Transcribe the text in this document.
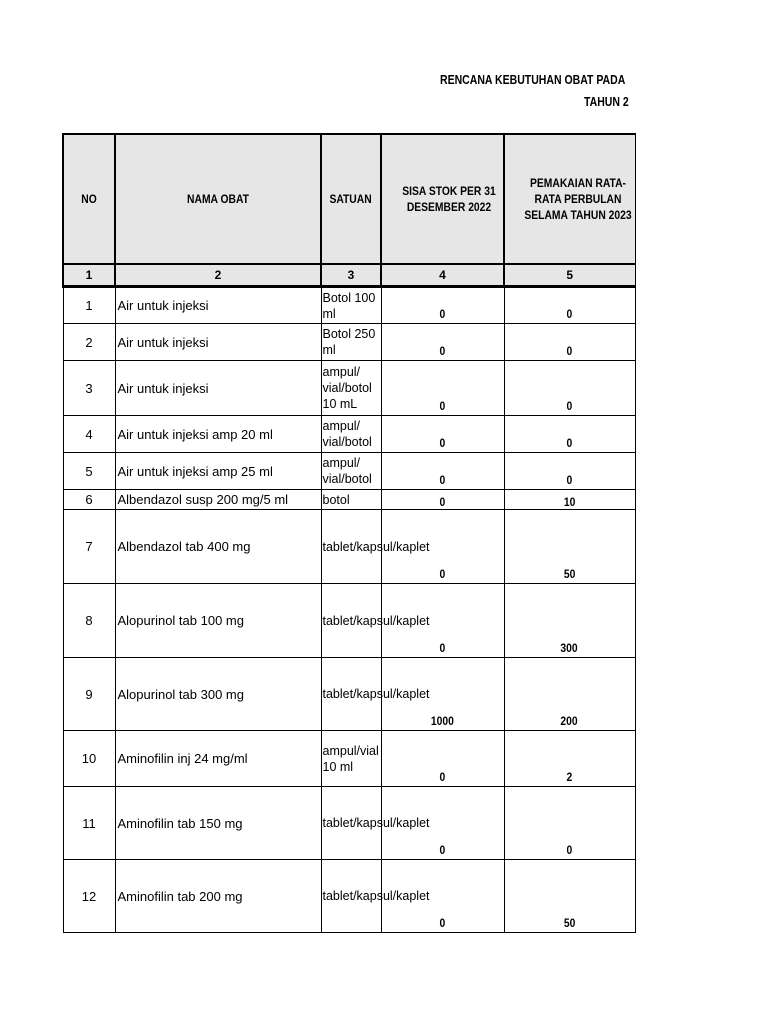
RENCANA KEBUTUHAN OBAT PADA
TAHUN 2
NO	NAMA OBAT	SATUAN	SISA STOK PER 31 DESEMBER 2022	PEMAKAIAN RATA-RATA PERBULAN SELAMA TAHUN 2023
1	2	3	4	5
1	Air untuk injeksi	Botol 100 ml	0	0
2	Air untuk injeksi	Botol 250 ml	0	0
3	Air untuk injeksi	ampul/ vial/botol 10 mL	0	0
4	Air untuk injeksi amp 20 ml	ampul/ vial/botol	0	0
5	Air untuk injeksi amp 25 ml	ampul/ vial/botol	0	0
6	Albendazol susp 200 mg/5 ml	botol	0	10
7	Albendazol tab 400 mg	tablet/kapsul/kaplet	0	50
8	Alopurinol tab 100 mg	tablet/kapsul/kaplet	0	300
9	Alopurinol tab 300 mg	tablet/kapsul/kaplet	1000	200
10	Aminofilin inj 24 mg/ml	ampul/vial 10 ml	0	2
11	Aminofilin tab 150 mg	tablet/kapsul/kaplet	0	0
12	Aminofilin tab 200 mg	tablet/kapsul/kaplet	0	50
